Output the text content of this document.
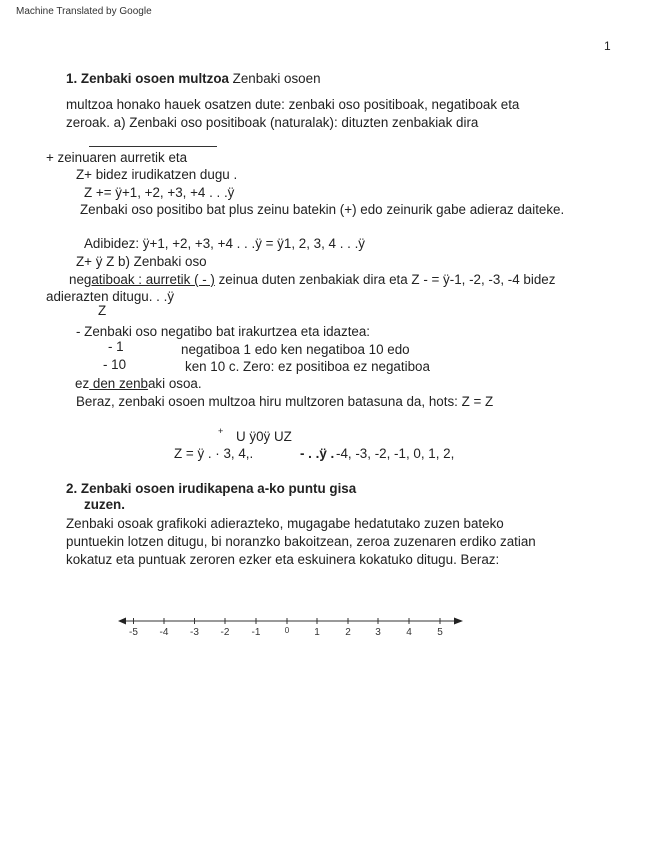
Machine Translated by Google
1
1. Zenbaki osoen multzoa Zenbaki osoen
multzoa honako hauek osatzen dute: zenbaki oso positiboak, negatiboak eta
zeroak. a) Zenbaki oso positiboak (naturalak): dituzten zenbakiak dira
+ zeinuaren aurretik eta
Z+ bidez irudikatzen dugu .
Z += ÿ+1, +2, +3, +4 . . .ÿ
Zenbaki oso positibo bat plus zeinu batekin (+) edo zeinurik gabe adieraz daiteke.
Adibidez: ÿ+1, +2, +3, +4 . . .ÿ = ÿ1, 2, 3, 4 . . .ÿ
Z+ ÿ Z b) Zenbaki oso
negatiboak : aurretik ( - ) zeinua duten zenbakiak dira eta Z - = ÿ-1, -2, -3, -4 bidez
adierazten ditugu. . .ÿ
Z
- Zenbaki oso negatibo bat irakurtzea eta idaztea:
- 1	negatiboa 1 edo ken negatiboa 10 edo
- 10	ken 10 c. Zero: ez positiboa ez negatiboa
ez den zenbaki osoa.
Beraz, zenbaki osoen multzoa hiru multzoren batasuna da, hots: Z = Z
+ U ÿ0ÿ UZ
Z = ÿ . · 3, 4,.	- . .ÿ . -4, -3, -2, -1, 0, 1, 2,
2. Zenbaki osoen irudikapena a-ko puntu gisa
zuzen.
Zenbaki osoak grafikoki adierazteko, mugagabe hedatutako zuzen bateko
puntuekin lotzen ditugu, bi noranzko bakoitzean, zeroa zuzenaren erdiko zatian
kokatuz eta puntuak zeroren ezker eta eskuinera kokatuko ditugu. Beraz:
-5 -4 -3 -2 -1	0 1	2 3	4	5
